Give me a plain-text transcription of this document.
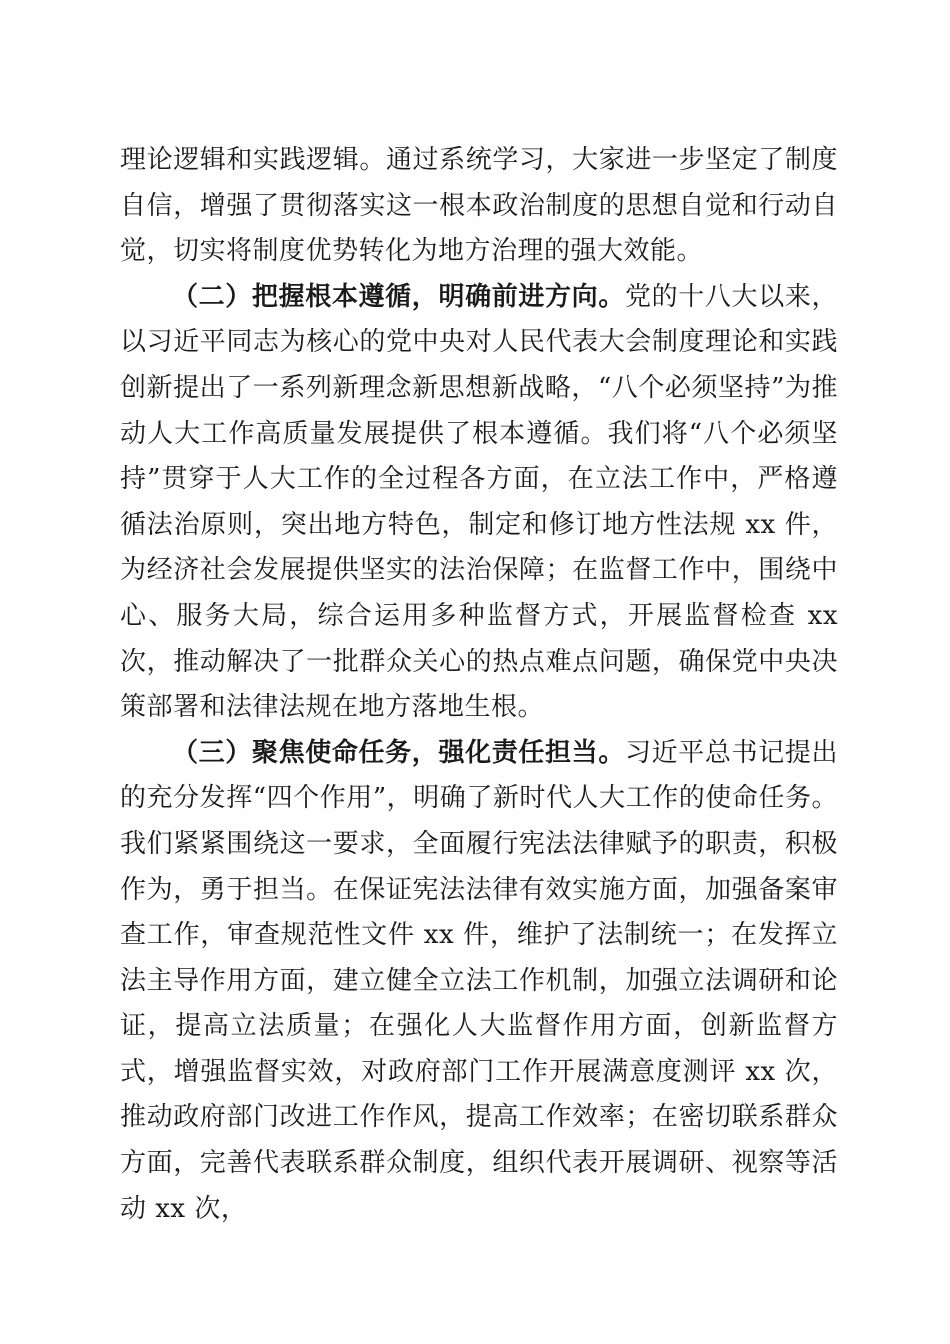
理论逻辑和实践逻辑。通过系统学习，大家进一步坚定了制度自信，增强了贯彻落实这一根本政治制度的思想自觉和行动自觉，切实将制度优势转化为地方治理的强大效能。

（二）把握根本遵循，明确前进方向。党的十八大以来，以习近平同志为核心的党中央对人民代表大会制度理论和实践创新提出了一系列新理念新思想新战略，“八个必须坚持”为推动人大工作高质量发展提供了根本遵循。我们将“八个必须坚持”贯穿于人大工作的全过程各方面，在立法工作中，严格遵循法治原则，突出地方特色，制定和修订地方性法规 xx 件，为经济社会发展提供坚实的法治保障；在监督工作中，围绕中心、服务大局，综合运用多种监督方式，开展监督检查 xx 次，推动解决了一批群众关心的热点难点问题，确保党中央决策部署和法律法规在地方落地生根。

（三）聚焦使命任务，强化责任担当。习近平总书记提出的充分发挥“四个作用”，明确了新时代人大工作的使命任务。我们紧紧围绕这一要求，全面履行宪法法律赋予的职责，积极作为，勇于担当。在保证宪法法律有效实施方面，加强备案审查工作，审查规范性文件 xx 件，维护了法制统一；在发挥立法主导作用方面，建立健全立法工作机制，加强立法调研和论证，提高立法质量；在强化人大监督作用方面，创新监督方式，增强监督实效，对政府部门工作开展满意度测评 xx 次，推动政府部门改进工作作风，提高工作效率；在密切联系群众方面，完善代表联系群众制度，组织代表开展调研、视察等活动 xx 次，
